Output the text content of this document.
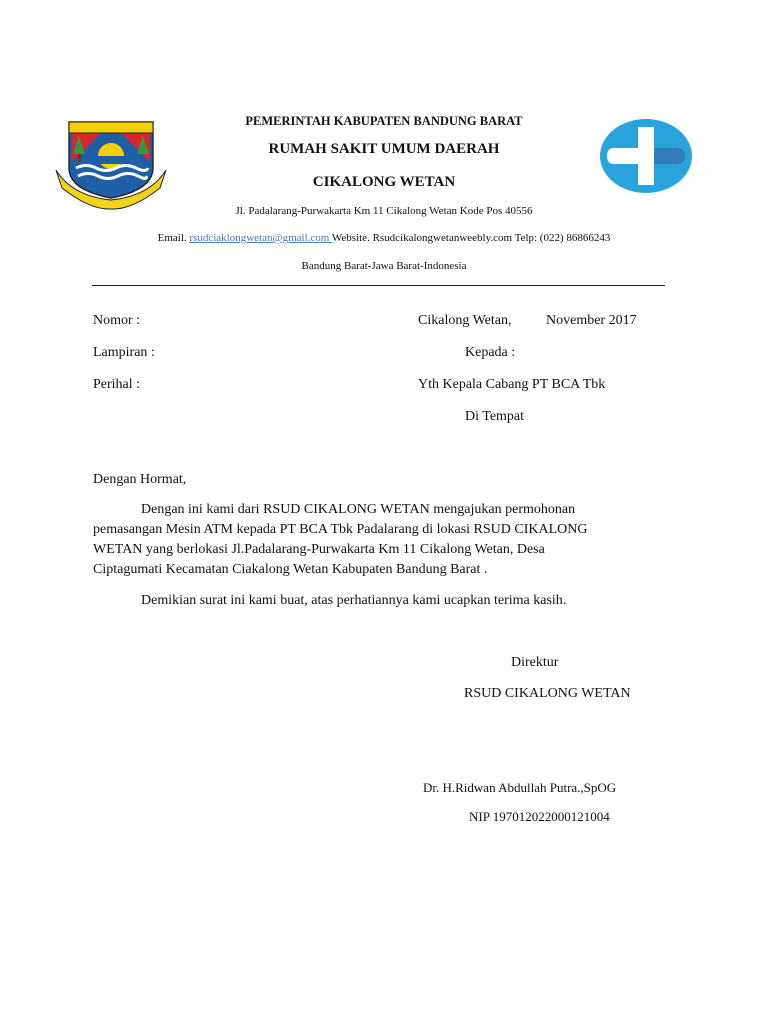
PEMERINTAH KABUPATEN BANDUNG BARAT
RUMAH SAKIT UMUM DAERAH
CIKALONG WETAN
Jl. Padalarang-Purwakarta Km 11 Cikalong Wetan Kode Pos 40556
Email. rsudciaklongwetan@gmail.com Website. Rsudcikalongwetanweebly.com Telp: (022) 86866243
Bandung Barat-Jawa Barat-Indonesia
Nomor :	Cikalong Wetan, November 2017
Lampiran :	Kepada :
Perihal :	Yth Kepala Cabang PT BCA Tbk
Di Tempat
Dengan Hormat,
Dengan ini kami dari RSUD CIKALONG WETAN mengajukan permohonan
pemasangan Mesin ATM kepada PT BCA Tbk Padalarang di lokasi RSUD CIKALONG
WETAN yang berlokasi Jl.Padalarang-Purwakarta Km 11 Cikalong Wetan, Desa
Ciptagumati Kecamatan Ciakalong Wetan Kabupaten Bandung Barat .
Demikian surat ini kami buat, atas perhatiannya kami ucapkan terima kasih.
Direktur
RSUD CIKALONG WETAN
Dr. H.Ridwan Abdullah Putra.,SpOG
NIP 197012022000121004
